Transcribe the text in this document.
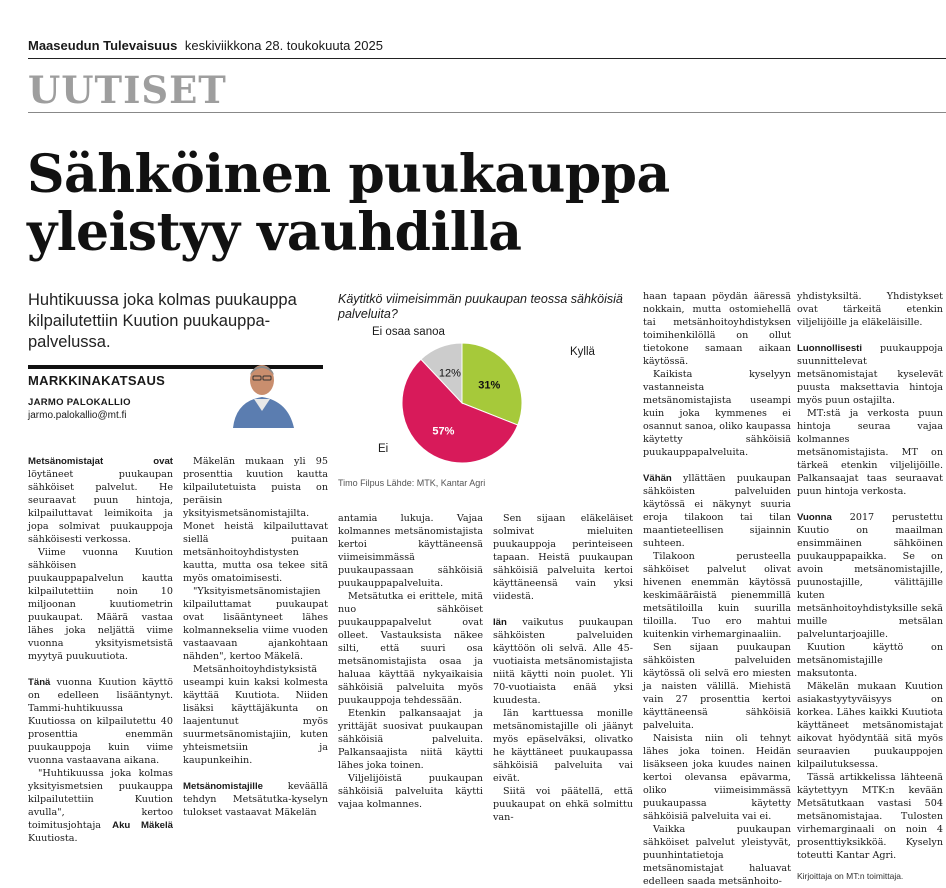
Maaseudun Tulevaisuus keskiviikkona 28. toukokuuta 2025
UUTISET
Sähköinen puukauppa
yleistyy vauhdilla
Huhtikuussa joka kolmas puukauppa kilpailutettiin Kuution puukauppa-palvelussa.
MARKKINAKATSAUS
JARMO PALOKALLIO
jarmo.palokallio@mt.fi
Käytitkö viimeisimmän puukaupan teossa sähköisiä palveluita?
31%
57%
12%
Ei osaa sanoa
Kyllä
Ei
Timo Filpus Lähde: MTK, Kantar Agri

Metsänomistajat ovat löytäneet puukaupan sähköiset palvelut. He seuraavat puun hintoja, kilpailuttavat leimikoita ja jopa solmivat puukauppoja sähköisesti verkossa.

Viime vuonna Kuution sähköisen puukauppapalvelun kautta kilpailutettiin noin 10 miljoonan kuutiometrin puukaupat. Määrä vastaa lähes joka neljättä viime vuonna yksityismetsistä myytyä puukuutiota.

Tänä vuonna Kuution käyttö on edelleen lisääntynyt. Tammi-huhtikuussa Kuutiossa on kilpailutettu 40 prosenttia enemmän puukauppoja kuin viime vuonna vastaavana aikana.

"Huhtikuussa joka kolmas yksityismetsien puukauppa kilpailutettiin Kuution avulla", kertoo toimitusjohtaja Aku Mäkelä Kuutiosta.

Mäkelän mukaan yli 95 prosenttia kuution kautta kilpailutetuista puista on peräisin yksityismetsänomistajilta. Monet heistä kilpailuttavat siellä puitaan metsänhoitoyhdistysten kautta, mutta osa tekee sitä myös omatoimisesti.

"Yksityismetsänomistajien kilpailuttamat puukaupat ovat lisääntyneet lähes kolmannekselia viime vuoden vastaavaan ajankohtaan nähden", kertoo Mäkelä.

Metsänhoitoyhdistyksistä useampi kuin kaksi kolmesta käyttää Kuutiota. Niiden lisäksi käyttäjäkunta on laajentunut myös suurmetsänomistajiin, kuten yhteismetsiin ja kaupunkeihin.

Metsänomistajille keväällä tehdyn Metsätutka-kyselyn tulokset vastaavat Mäkelän

antamia lukuja. Vajaa kolmannes metsänomistajista kertoi käyttäneensä viimeisimmässä puukaupassaan sähköisiä puukauppapalveluita.

Metsätutka ei erittele, mitä nuo sähköiset puukauppapalvelut ovat olleet. Vastauksista näkee silti, että suuri osa metsänomistajista osaa ja haluaa käyttää nykyaikaisia sähköisiä palveluita myös puukauppoja tehdessään.

Etenkin palkansaajat ja yrittäjät suosivat puukaupan sähköisiä palveluita. Palkansaajista niitä käytti lähes joka toinen.

Viljelijöistä puukaupan sähköisiä palveluita käytti vajaa kolmannes.

Sen sijaan eläkeläiset solmivat mieluiten puukauppoja perinteiseen tapaan. Heistä puukaupan sähköisiä palveluita kertoi käyttäneensä vain yksi viidestä.

Iän vaikutus puukaupan sähköisten palveluiden käyttöön oli selvä. Alle 45-vuotiaista metsänomistajista niitä käytti noin puolet. Yli 70-vuotiaista enää yksi kuudesta.

Iän karttuessa monille metsänomistajille oli jäänyt myös epäselväksi, olivatko he käyttäneet puukaupassa sähköisiä palveluita vai eivät.

Siitä voi päätellä, että puukaupat on ehkä solmittu van-

haan tapaan pöydän ääressä nokkain, mutta ostomiehellä tai metsänhoitoyhdistyksen toimihenkilöllä on ollut tietokone samaan aikaan käytössä.

Kaikista kyselyyn vastanneista metsänomistajista useampi kuin joka kymmenes ei osannut sanoa, oliko kaupassa käytetty sähköisiä puukauppapalveluita.

Vähän yllättäen puukaupan sähköisten palveluiden käytössä ei näkynyt suuria eroja tilakoon tai tilan maantieteellisen sijainnin suhteen.

Tilakoon perusteella sähköiset palvelut olivat hivenen enemmän käytössä keskimääräistä pienemmillä metsätiloilla kuin suurilla tiloilla. Tuo ero mahtui kuitenkin virhemarginaaliin.

Sen sijaan puukaupan sähköisten palveluiden käytössä oli selvä ero miesten ja naisten välillä. Miehistä vain 27 prosenttia kertoi käyttäneensä sähköisiä palveluita.

Naisista niin oli tehnyt lähes joka toinen. Heidän lisäkseen joka kuudes nainen kertoi olevansa epävarma, oliko viimeisimmässä puukaupassa käytetty sähköisiä palveluita vai ei.

Vaikka puukaupan sähköiset palvelut yleistyvät, puunhintatietoja metsänomistajat haluavat edelleen saada metsänhoito-

yhdistyksiltä. Yhdistykset ovat tärkeitä etenkin viljelijöille ja eläkeläisille.

Luonnollisesti puukauppoja suunnittelevat metsänomistajat kyselevät puusta maksettavia hintoja myös puun ostajilta.

MT:stä ja verkosta puun hintoja seuraa vajaa kolmannes metsänomistajista. MT on tärkeä etenkin viljelijöille. Palkansaajat taas seuraavat puun hintoja verkosta.

Vuonna 2017 perustettu Kuutio on maailman ensimmäinen sähköinen puukauppapaikka. Se on avoin metsänomistajille, puunostajille, välittäjille kuten metsänhoitoyhdistyksille sekä muille metsälan palveluntarjoajille.

Kuution käyttö on metsänomistajille maksutonta.

Mäkelän mukaan Kuution asiakastyytyväisyys on korkea. Lähes kaikki Kuutiota käyttäneet metsänomistajat aikovat hyödyntää sitä myös seuraavien puukauppojen kilpailutuksessa.

Tässä artikkelissa lähteenä käytettyyn MTK:n kevään Metsätutkaan vastasi 504 metsänomistajaa. Tulosten virhemarginaali on noin 4 prosenttiyksikköä. Kyselyn toteutti Kantar Agri.

Kirjoittaja on MT:n toimittaja.
